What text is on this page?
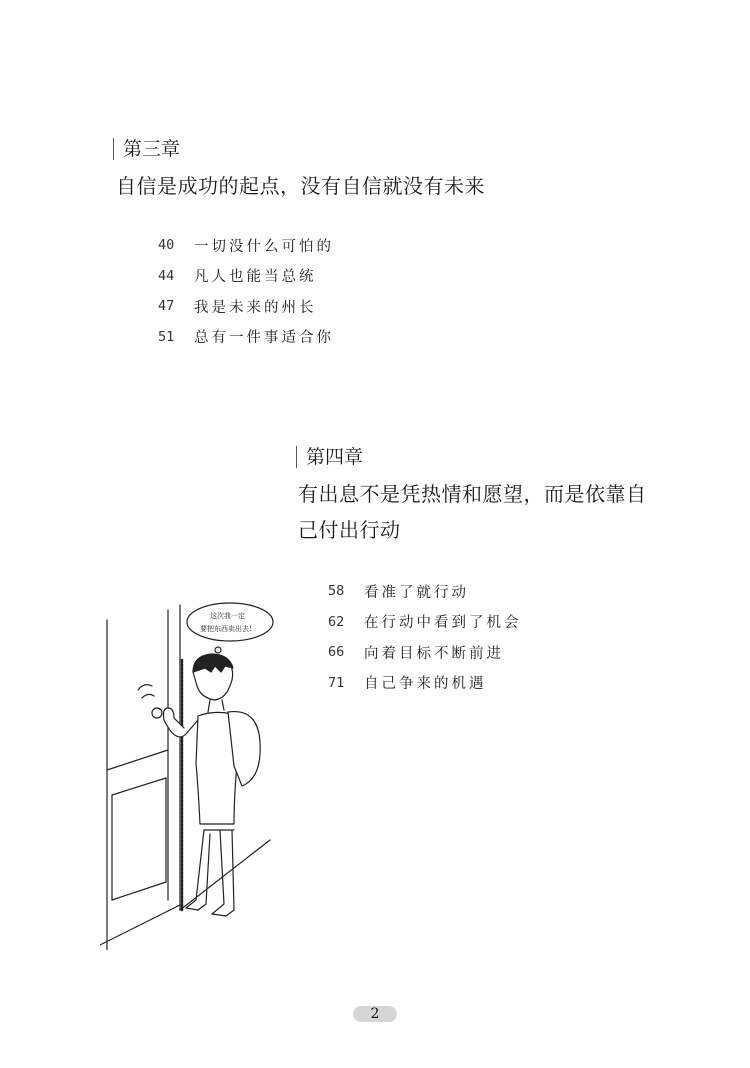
第三章
自信是成功的起点，没有自信就没有未来
40	一切没什么可怕的
44	凡人也能当总统
47	我是未来的州长
51	总有一件事适合你
第四章
有出息不是凭热情和愿望，而是依靠自
己付出行动
58	看准了就行动
62	在行动中看到了机会
66	向着目标不断前进
71	自己争来的机遇
这次我一定
要把东西卖出去!
2
